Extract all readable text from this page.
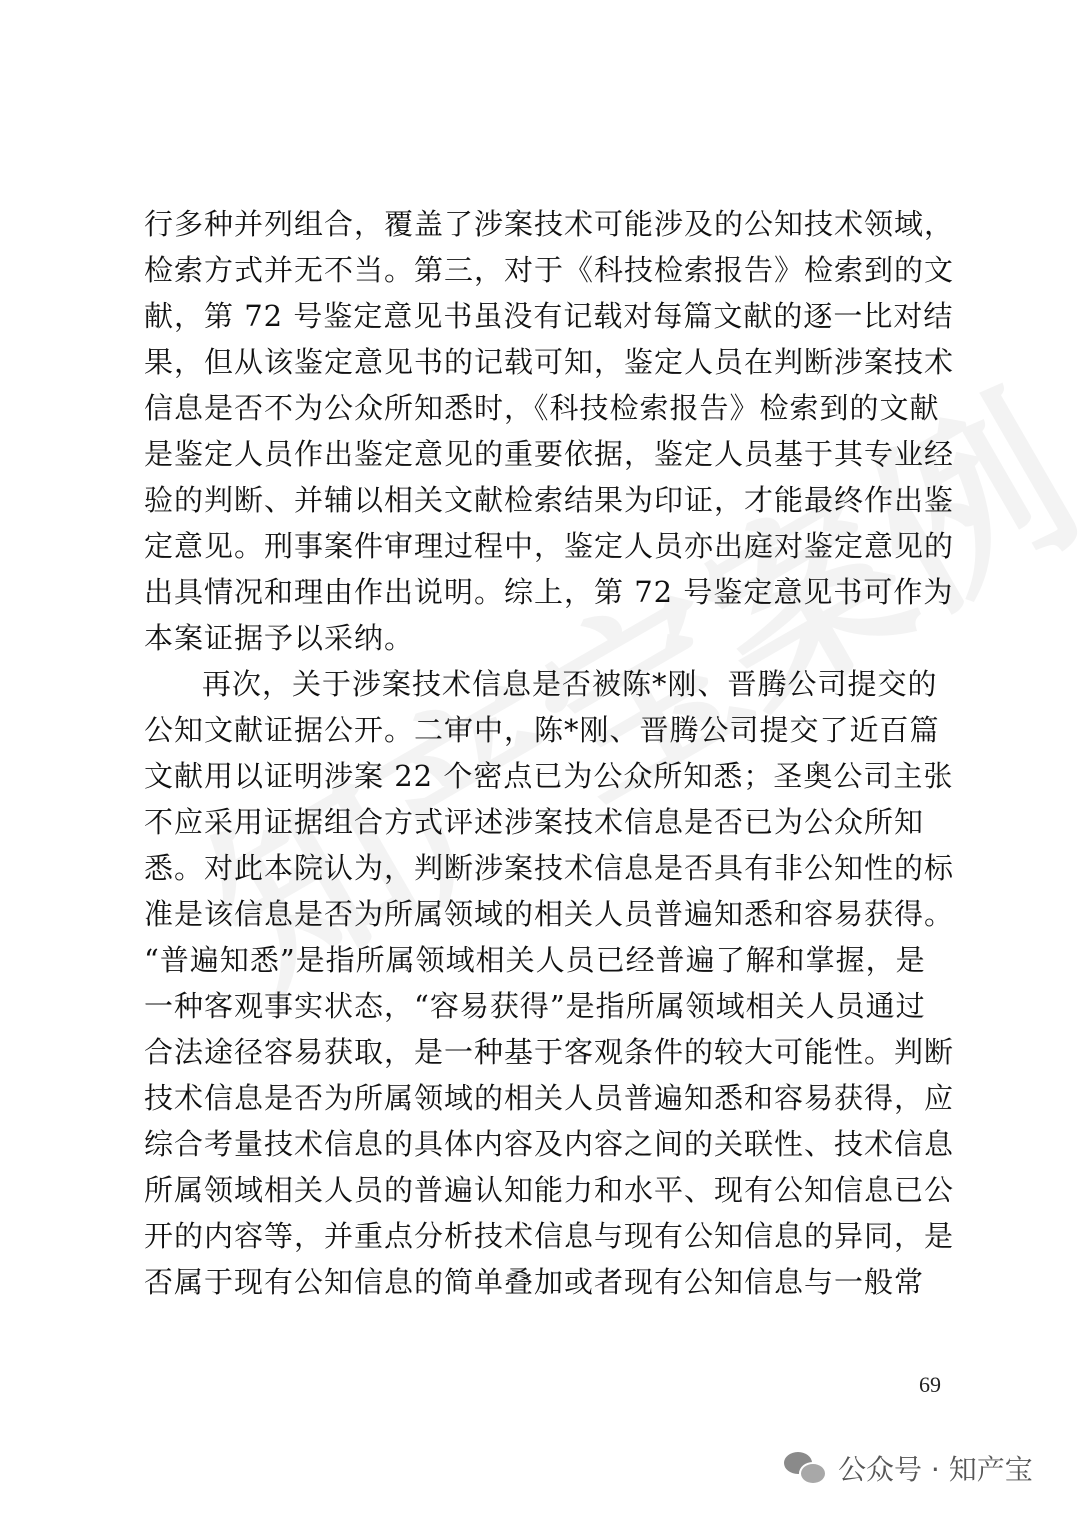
行多种并列组合，覆盖了涉案技术可能涉及的公知技术领域，
检索方式并无不当。第三，对于《科技检索报告》检索到的文
献，第 72 号鉴定意见书虽没有记载对每篇文献的逐一比对结
果，但从该鉴定意见书的记载可知，鉴定人员在判断涉案技术
信息是否不为公众所知悉时，《科技检索报告》检索到的文献
是鉴定人员作出鉴定意见的重要依据，鉴定人员基于其专业经
验的判断、并辅以相关文献检索结果为印证，才能最终作出鉴
定意见。刑事案件审理过程中，鉴定人员亦出庭对鉴定意见的
出具情况和理由作出说明。综上，第 72 号鉴定意见书可作为
本案证据予以采纳。
再次，关于涉案技术信息是否被陈*刚、晋腾公司提交的
公知文献证据公开。二审中，陈*刚、晋腾公司提交了近百篇
文献用以证明涉案 22 个密点已为公众所知悉；圣奥公司主张
不应采用证据组合方式评述涉案技术信息是否已为公众所知
悉。对此本院认为，判断涉案技术信息是否具有非公知性的标
准是该信息是否为所属领域的相关人员普遍知悉和容易获得。
“普遍知悉”是指所属领域相关人员已经普遍了解和掌握，是
一种客观事实状态，“容易获得”是指所属领域相关人员通过
合法途径容易获取，是一种基于客观条件的较大可能性。判断
技术信息是否为所属领域的相关人员普遍知悉和容易获得，应
综合考量技术信息的具体内容及内容之间的关联性、技术信息
所属领域相关人员的普遍认知能力和水平、现有公知信息已公
开的内容等，并重点分析技术信息与现有公知信息的异同，是
否属于现有公知信息的简单叠加或者现有公知信息与一般常
69
公众号 · 知产宝
